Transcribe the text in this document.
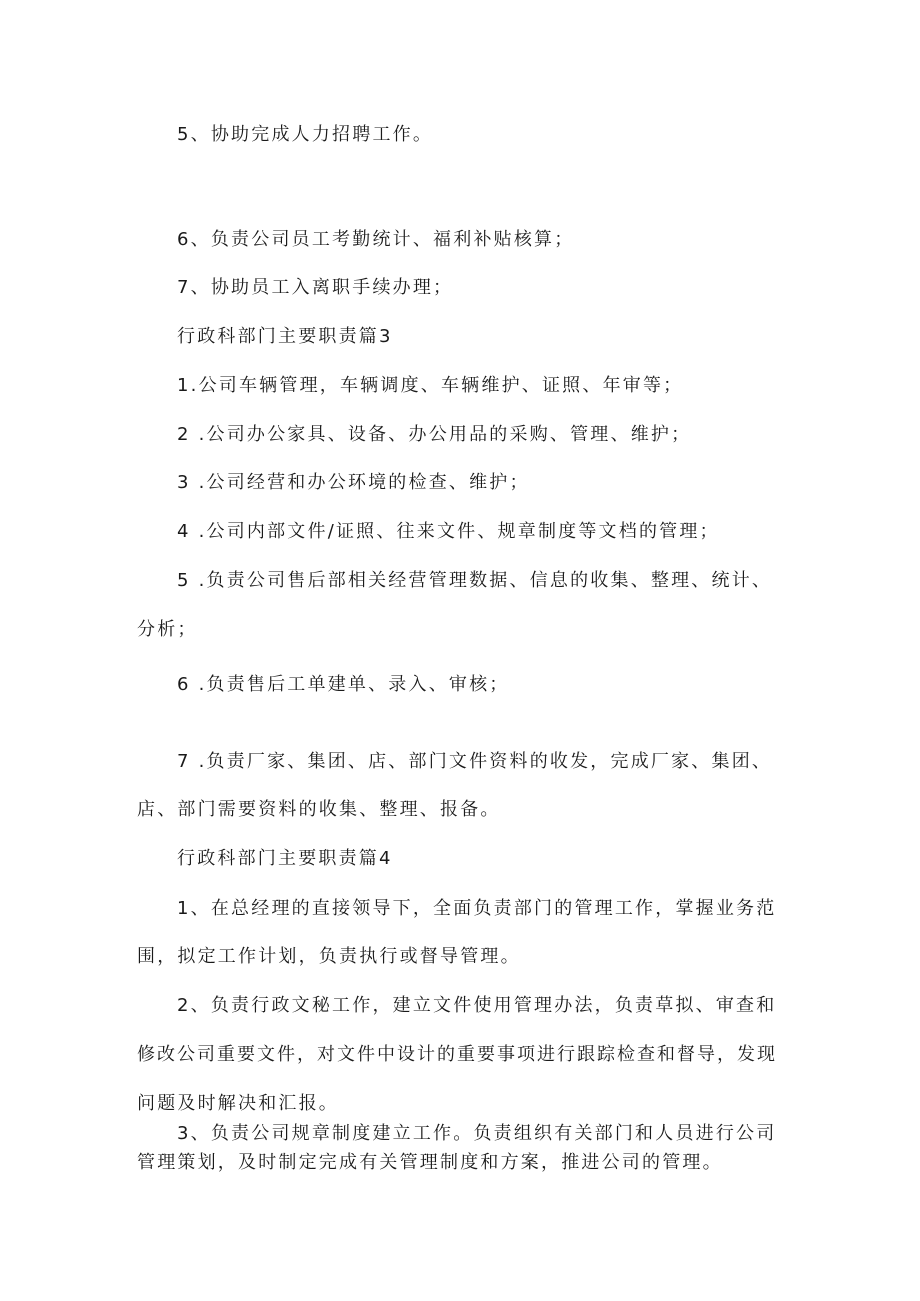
5、协助完成人力招聘工作。
6、负责公司员工考勤统计、福利补贴核算；
7、协助员工入离职手续办理；
行政科部门主要职责篇3
1.公司车辆管理，车辆调度、车辆维护、证照、年审等；
2 .公司办公家具、设备、办公用品的采购、管理、维护；
3 .公司经营和办公环境的检查、维护；
4 .公司内部文件/证照、往来文件、规章制度等文档的管理；
5 .负责公司售后部相关经营管理数据、信息的收集、整理、统计、
分析；
6 .负责售后工单建单、录入、审核；
7 .负责厂家、集团、店、部门文件资料的收发，完成厂家、集团、
店、部门需要资料的收集、整理、报备。
行政科部门主要职责篇4
1、在总经理的直接领导下，全面负责部门的管理工作，掌握业务范
围，拟定工作计划，负责执行或督导管理。
2、负责行政文秘工作，建立文件使用管理办法，负责草拟、审查和
修改公司重要文件，对文件中设计的重要事项进行跟踪检查和督导，发现
问题及时解决和汇报。
3、负责公司规章制度建立工作。负责组织有关部门和人员进行公司
管理策划，及时制定完成有关管理制度和方案，推进公司的管理。
